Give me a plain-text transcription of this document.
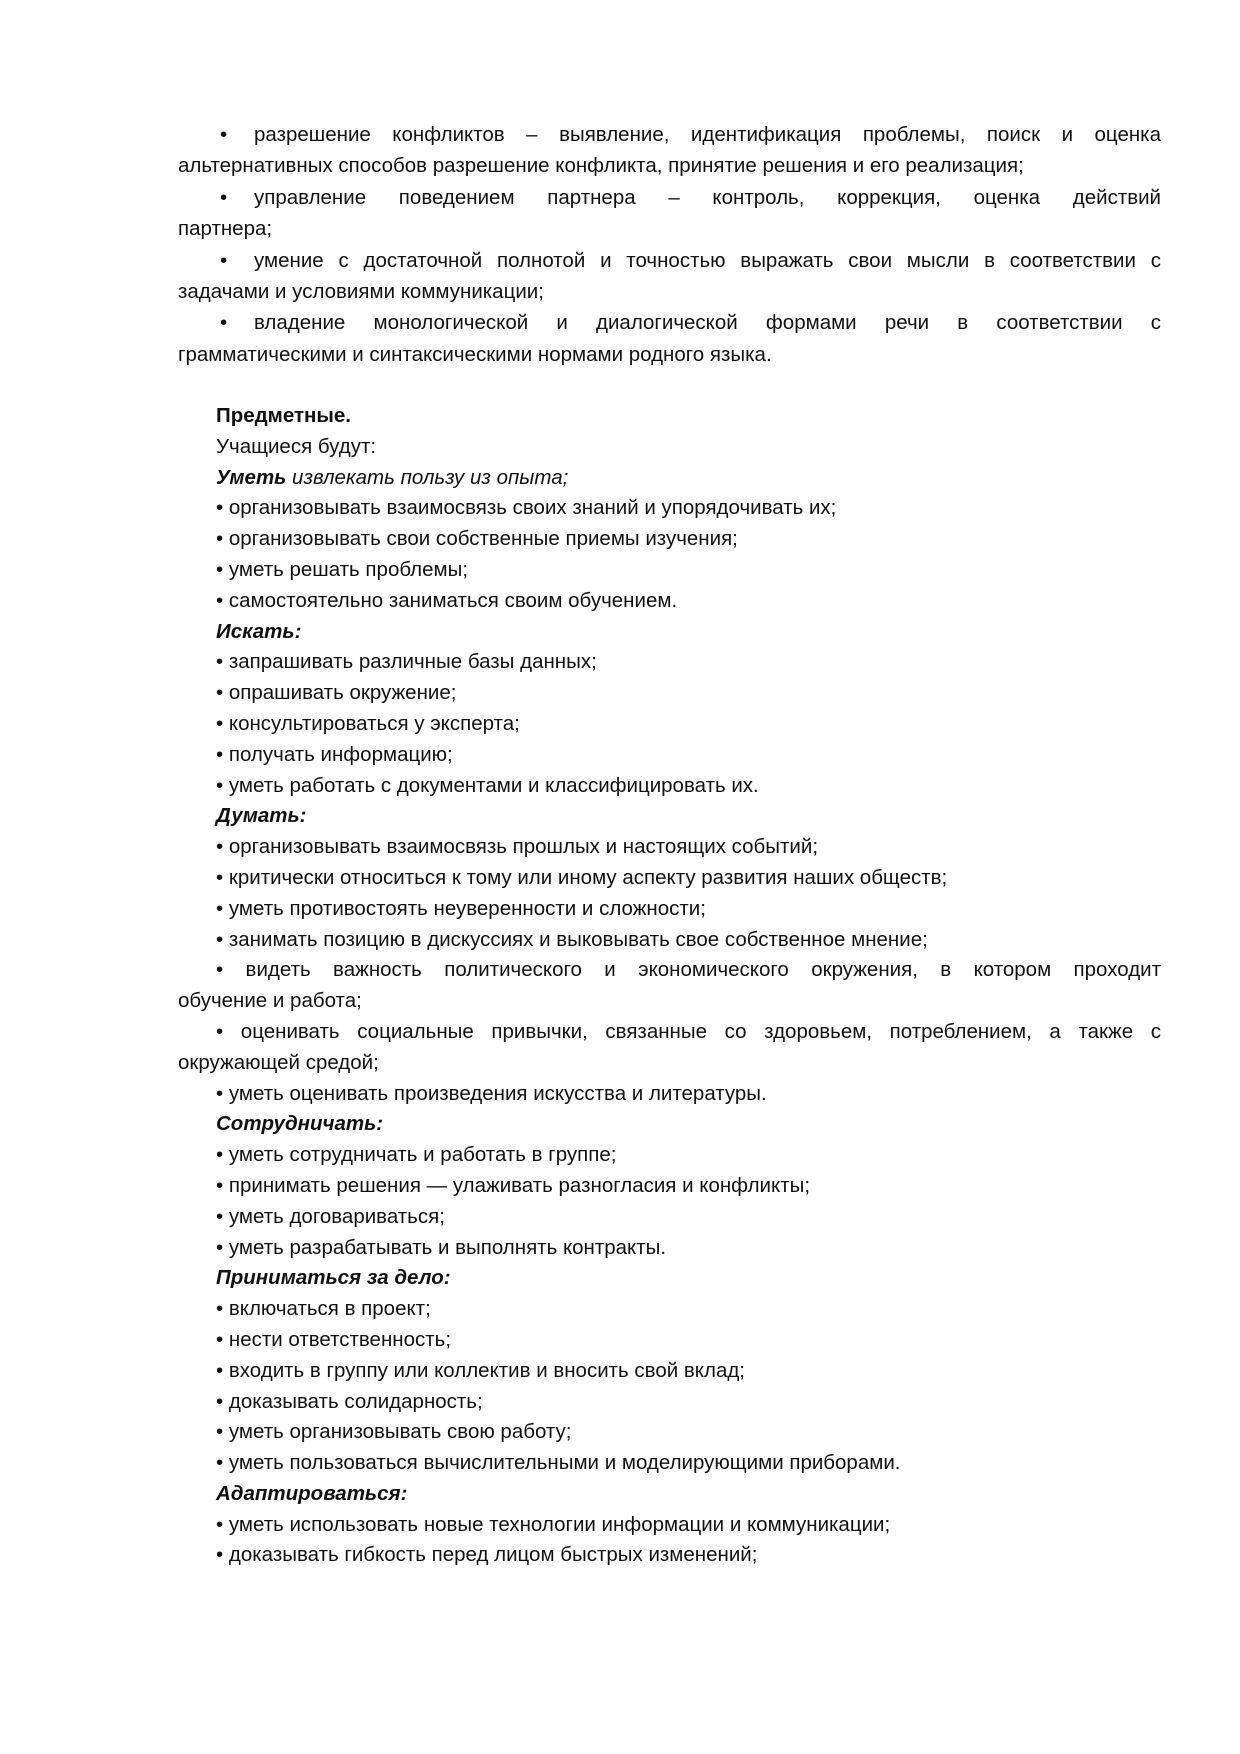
• разрешение конфликтов – выявление, идентификация проблемы, поиск и оценка
альтернативных способов разрешение конфликта, принятие решения и его реализация;
• управление поведением партнера – контроль, коррекция, оценка действий
партнера;
• умение с достаточной полнотой и точностью выражать свои мысли в соответствии с
задачами и условиями коммуникации;
• владение монологической и диалогической формами речи в соответствии с
грамматическими и синтаксическими нормами родного языка.
Предметные.
Учащиеся будут:
Уметь извлекать пользу из опыта;
• организовывать взаимосвязь своих знаний и упорядочивать их;
• организовывать свои собственные приемы изучения;
• уметь решать проблемы;
• самостоятельно заниматься своим обучением.
Искать:
• запрашивать различные базы данных;
• опрашивать окружение;
• консультироваться у эксперта;
• получать информацию;
• уметь работать с документами и классифицировать их.
Думать:
• организовывать взаимосвязь прошлых и настоящих событий;
• критически относиться к тому или иному аспекту развития наших обществ;
• уметь противостоять неуверенности и сложности;
• занимать позицию в дискуссиях и выковывать свое собственное мнение;
• видеть важность политического и экономического окружения, в котором проходит
обучение и работа;
• оценивать социальные привычки, связанные со здоровьем, потреблением, а также с
окружающей средой;
• уметь оценивать произведения искусства и литературы.
Сотрудничать:
• уметь сотрудничать и работать в группе;
• принимать решения — улаживать разногласия и конфликты;
• уметь договариваться;
• уметь разрабатывать и выполнять контракты.
Приниматься за дело:
• включаться в проект;
• нести ответственность;
• входить в группу или коллектив и вносить свой вклад;
• доказывать солидарность;
• уметь организовывать свою работу;
• уметь пользоваться вычислительными и моделирующими приборами.
Адаптироваться:
• уметь использовать новые технологии информации и коммуникации;
• доказывать гибкость перед лицом быстрых изменений;
